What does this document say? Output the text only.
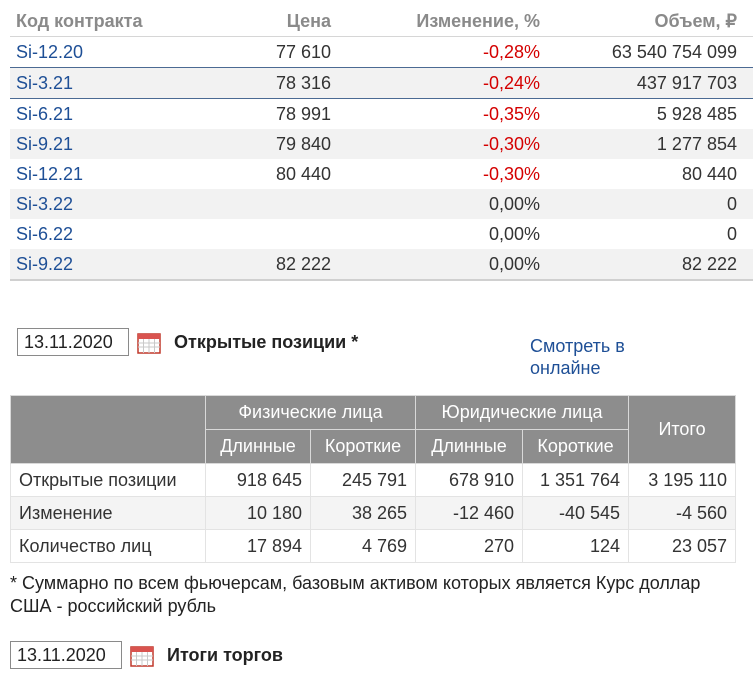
Код контракта	Цена	Изменение, %	Объем, ₽
Si-12.20	77 610	-0,28%	63 540 754 099
Si-3.21	78 316	-0,24%	437 917 703
Si-6.21	78 991	-0,35%	5 928 485
Si-9.21	79 840	-0,30%	1 277 854
Si-12.21	80 440	-0,30%	80 440
Si-3.22		0,00%	0
Si-6.22		0,00%	0
Si-9.22	82 222	0,00%	82 222
13.11.2020
Открытые позиции *	Смотреть в онлайне
	Физические лица		Юридические лица		Итого
	Длинные	Короткие	Длинные	Короткие	
Открытые позиции	918 645	245 791	678 910	1 351 764	3 195 110
Изменение	10 180	38 265	-12 460	-40 545	-4 560
Количество лиц	17 894	4 769	270	124	23 057
* Суммарно по всем фьючерсам, базовым активом которых является Курс доллар США - российский рубль
13.11.2020
Итоги торгов
